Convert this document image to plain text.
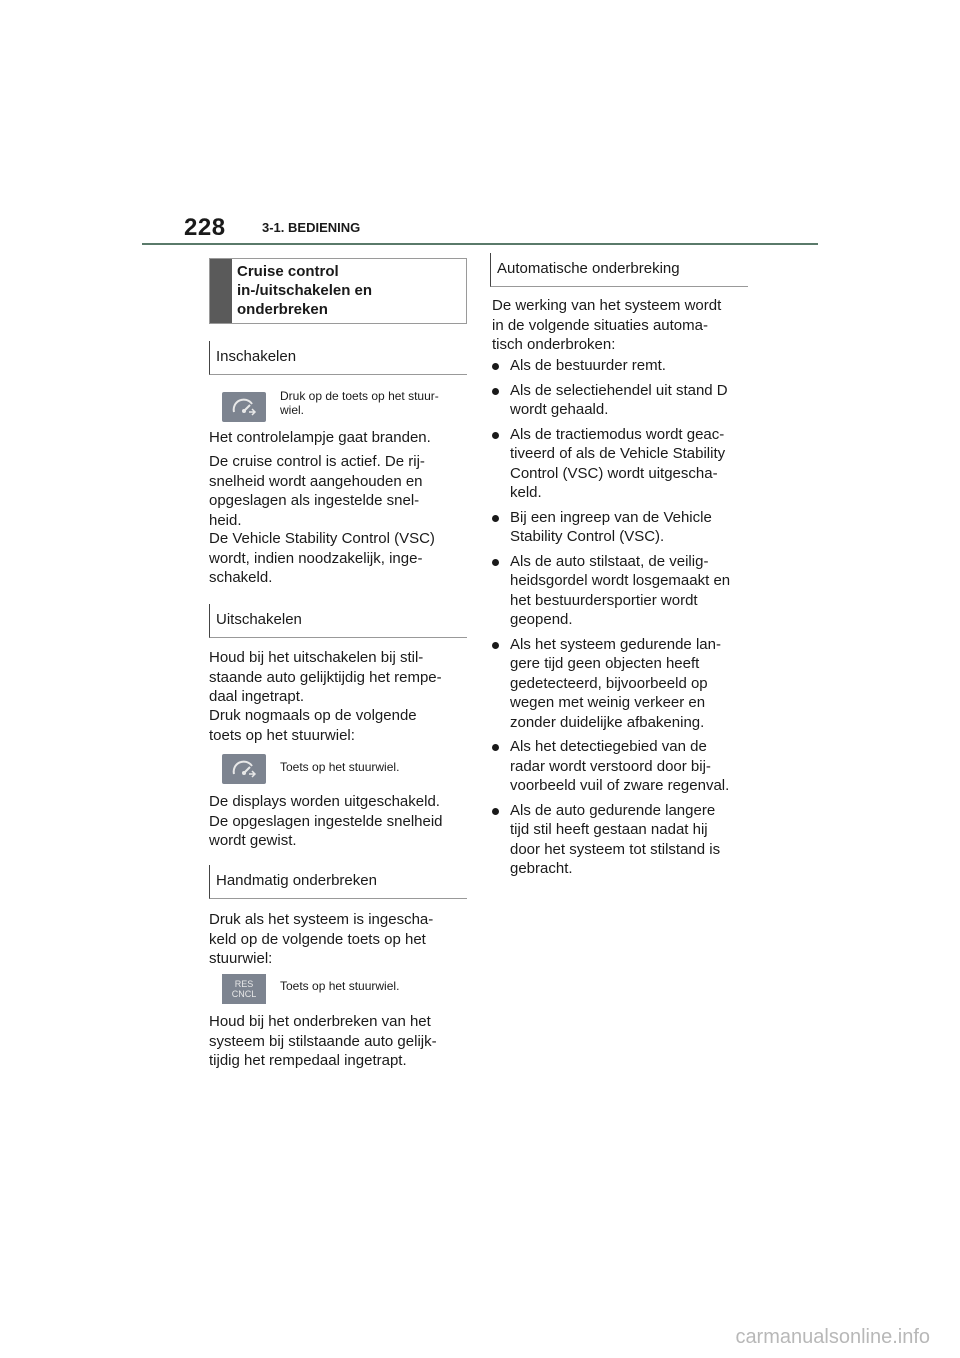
228	3-1. BEDIENING
Cruise control
in-/uitschakelen en
onderbreken
Inschakelen
Druk op de toets op het stuur-
wiel.
Het controlelampje gaat branden.
De cruise control is actief. De rij-
snelheid wordt aangehouden en
opgeslagen als ingestelde snel-
heid.
De Vehicle Stability Control (VSC)
wordt, indien noodzakelijk, inge-
schakeld.
Uitschakelen
Houd bij het uitschakelen bij stil-
staande auto gelijktijdig het rempe-
daal ingetrapt.
Druk nogmaals op de volgende
toets op het stuurwiel:
Toets op het stuurwiel.
De displays worden uitgeschakeld.
De opgeslagen ingestelde snelheid
wordt gewist.
Handmatig onderbreken
Druk als het systeem is ingescha-
keld op de volgende toets op het
stuurwiel:
RES
CNCL
Toets op het stuurwiel.
Houd bij het onderbreken van het
systeem bij stilstaande auto gelijk-
tijdig het rempedaal ingetrapt.
Automatische onderbreking
De werking van het systeem wordt
in de volgende situaties automa-
tisch onderbroken:
Als de bestuurder remt.
Als de selectiehendel uit stand D
wordt gehaald.
Als de tractiemodus wordt geac-
tiveerd of als de Vehicle Stability
Control (VSC) wordt uitgescha-
keld.
Bij een ingreep van de Vehicle
Stability Control (VSC).
Als de auto stilstaat, de veilig-
heidsgordel wordt losgemaakt en
het bestuurdersportier wordt
geopend.
Als het systeem gedurende lan-
gere tijd geen objecten heeft
gedetecteerd, bijvoorbeeld op
wegen met weinig verkeer en
zonder duidelijke afbakening.
Als het detectiegebied van de
radar wordt verstoord door bij-
voorbeeld vuil of zware regenval.
Als de auto gedurende langere
tijd stil heeft gestaan nadat hij
door het systeem tot stilstand is
gebracht.
carmanualsonline.info
